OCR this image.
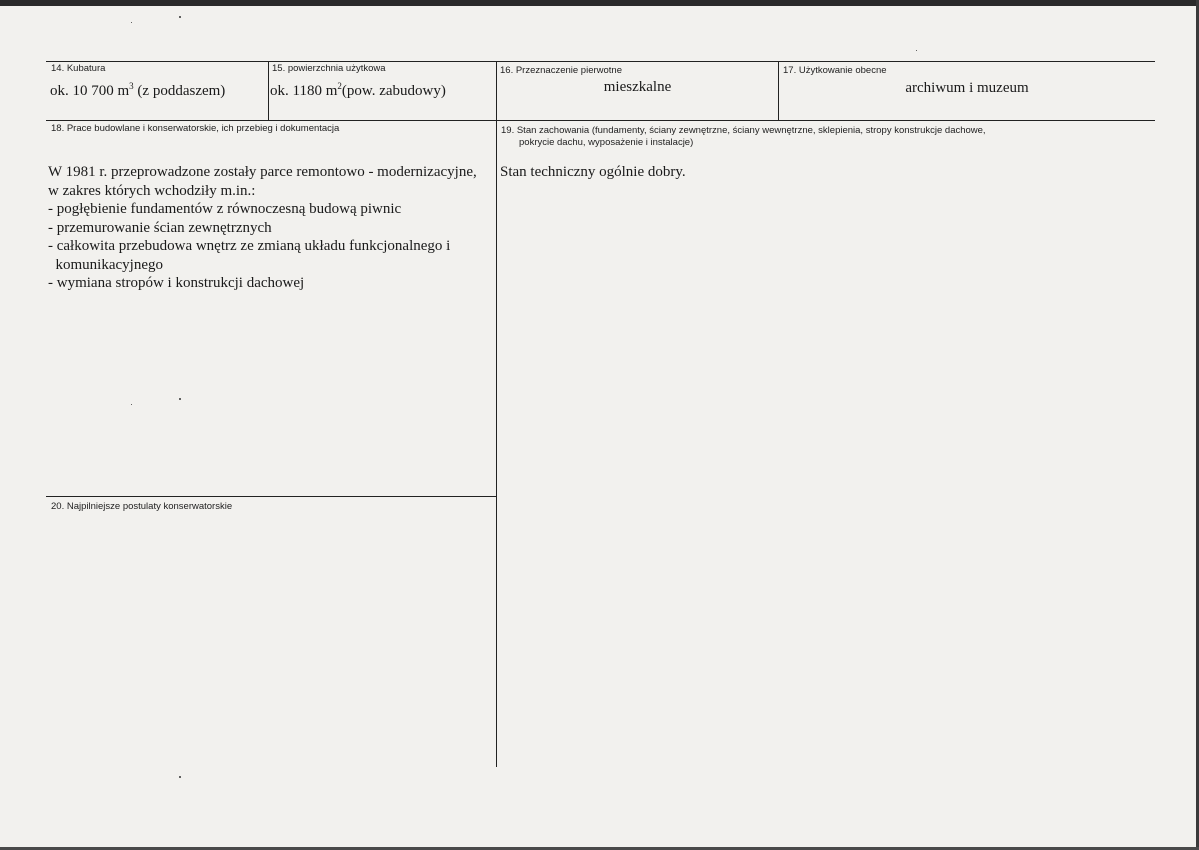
14. Kubatura
ok. 10 700 $m^3$ (z poddaszem)
15. powierzchnia użytkowa
ok. 1180 $m^2(pow$. zabudowy)
16. Przeznaczenie pierwotne
mieszkalne
17. Użytkowanie obecne
archiwum i muzeum
18. Prace budowlane i konserwatorskie, ich przebieg i dokumentacja
W 1981 r. przeprowadzone zostały parce remontowo - modernizacyjne,
w zakres których wchodziły m.in.:
- pogłębienie fundamentów z równoczesną budową piwnic
- przemurowanie ścian zewnętrznych
- całkowita przebudowa wnętrz ze zmianą układu funkcjonalnego i
komunikacyjnego
- wymiana stropów i konstrukcji dachowej
19. Stan zachowania (fundamenty, ściany zewnętrzne, ściany wewnętrzne, sklepienia, stropy konstrukcje dachowe, pokrycie dachu, wyposażenie i instalacje)
Stan techniczny ogólnie dobry.
20. Najpilniejsze postulaty konserwatorskie
